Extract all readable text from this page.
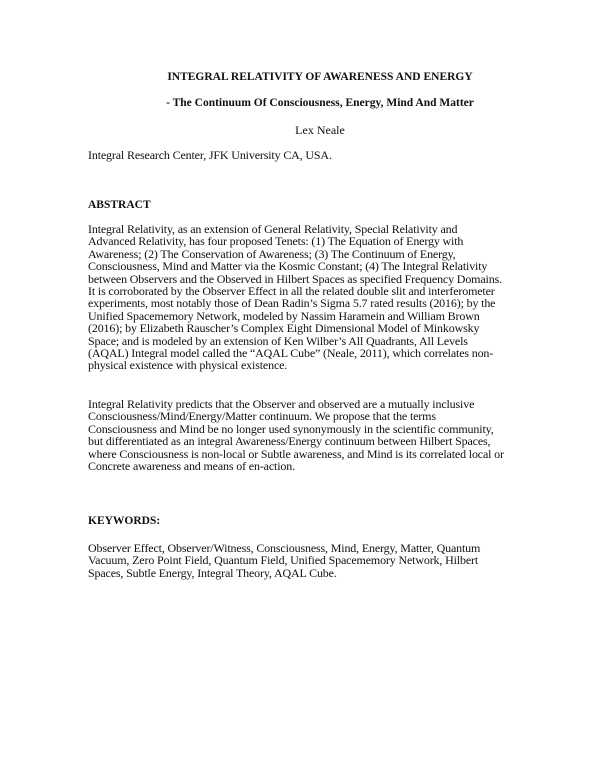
INTEGRAL RELATIVITY OF AWARENESS AND ENERGY
- The Continuum Of Consciousness, Energy, Mind And Matter
Lex Neale
Integral Research Center, JFK University CA, USA.
ABSTRACT
Integral Relativity, as an extension of General Relativity, Special Relativity and
Advanced Relativity, has four proposed Tenets: (1) The Equation of Energy with
Awareness; (2) The Conservation of Awareness; (3) The Continuum of Energy,
Consciousness, Mind and Matter via the Kosmic Constant; (4) The Integral Relativity
between Observers and the Observed in Hilbert Spaces as specified Frequency Domains.
It is corroborated by the Observer Effect in all the related double slit and interferometer
experiments, most notably those of Dean Radin’s Sigma 5.7 rated results (2016); by the
Unified Spacememory Network, modeled by Nassim Haramein and William Brown
(2016); by Elizabeth Rauscher’s Complex Eight Dimensional Model of Minkowsky
Space; and is modeled by an extension of Ken Wilber’s All Quadrants, All Levels
(AQAL) Integral model called the “AQAL Cube” (Neale, 2011), which correlates non-
physical existence with physical existence.
Integral Relativity predicts that the Observer and observed are a mutually inclusive
Consciousness/Mind/Energy/Matter continuum. We propose that the terms
Consciousness and Mind be no longer used synonymously in the scientific community,
but differentiated as an integral Awareness/Energy continuum between Hilbert Spaces,
where Consciousness is non-local or Subtle awareness, and Mind is its correlated local or
Concrete awareness and means of en-action.
KEYWORDS:
Observer Effect, Observer/Witness, Consciousness, Mind, Energy, Matter, Quantum
Vacuum, Zero Point Field, Quantum Field, Unified Spacememory Network, Hilbert
Spaces, Subtle Energy, Integral Theory, AQAL Cube.
